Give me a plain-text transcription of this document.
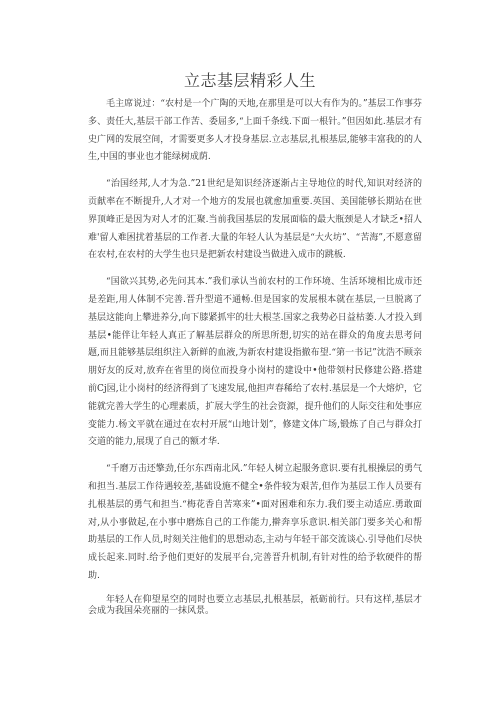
立志基层精彩人生

毛主席说过：“农村是一个广陶的天地,在那里是可以大有作为的。”基层工作事芬多、责任大,基层干部工作苦、委屈多,“上面千条线.下面一根针。”但因如此.基层才有史广网的发展空间，才需要更多人才投身基层.立志基层,扎根基层,能够丰富我的的人生,中国的事业也才能绿树成荫.

“治国经邦,人才为急.”21世纪是知识经济逐渐占主导地位的时代,知识对经济的贡献率在不断提升,人才对一个地方的发展也就愈加重要.英国、美国能够长期站在世界顶峰正是因为对人才的汇聚.当前我国基层的发展面临的最大瓶颈是人才缺乏•招人难'留人难困扰着基层的工作者.大量的年轻人认为基层是“大火坊”、“苦海”,不愿意留在农村,在农村的大学生也只是把新农村建设当做进入成市的跳板.

“国欲兴其势,必先问其本.”我们承认当前农村的工作环境、生活环境相比成市还是差距,用人体制不完善.晋升型道不通畅.但是国家的发展根本就在基层,一旦脱离了基层这能向上攀进养分,向下膝紧抓牢的壮大根茎.国家之我势必日益枯萎.人才投入到基层•能伴让年轻人真正了解基层群众的所思所想,切实的站在群众的角度去思考问题,而且能够基层组织注入新鲜的血液,为新农村建设指撤布望.“第一书记”沈浩不顾亲朋好友的反对,放弃在省里的岗位而投身小岗村的建设中•他带领村民修建公路.搭建前Cj园,让小岗村的经济得到了飞速发展,他担声春稀给了农村.基层是一个大熔炉，它能就完善大学生的心理素质，扩展大学生的社会资源，提升他们的人际交往和处事应变能力.杨文平就在通过在农村开展“山地计划”，修建文体广场,锻炼了自己与群众打交道的能力,展现了自己的额才华.

“千磨万击还擎劲,任尔东西南北风.”年轻人树立起服务意识.要有扎根操层的勇气和担当.基层工作待遇较差,基础设施不健全•条件较为艰苦,但作为基层工作人员要有扎根基层的勇气和担当.“梅花香自苦寒来”•面对困难和东力.我们要主动适应.勇敢面对,从小事做起,在小事中磨炼自己的工作能力,擀奔享乐意识.相关部门要多关心和帮助基层的工作人员,时刻关注他们的思想动态,主动与年轻干部交流谈心.引导他们尽快成长起来.同时.给予他们更好的发展平台,完善晋升机制,有针对性的给予软硬件的帮助.

年轻人在仰望星空的同时也要立志基层,扎根基层，祇砺前行。只有这样,基层才会成为我国朵亮丽的一抹风景。
